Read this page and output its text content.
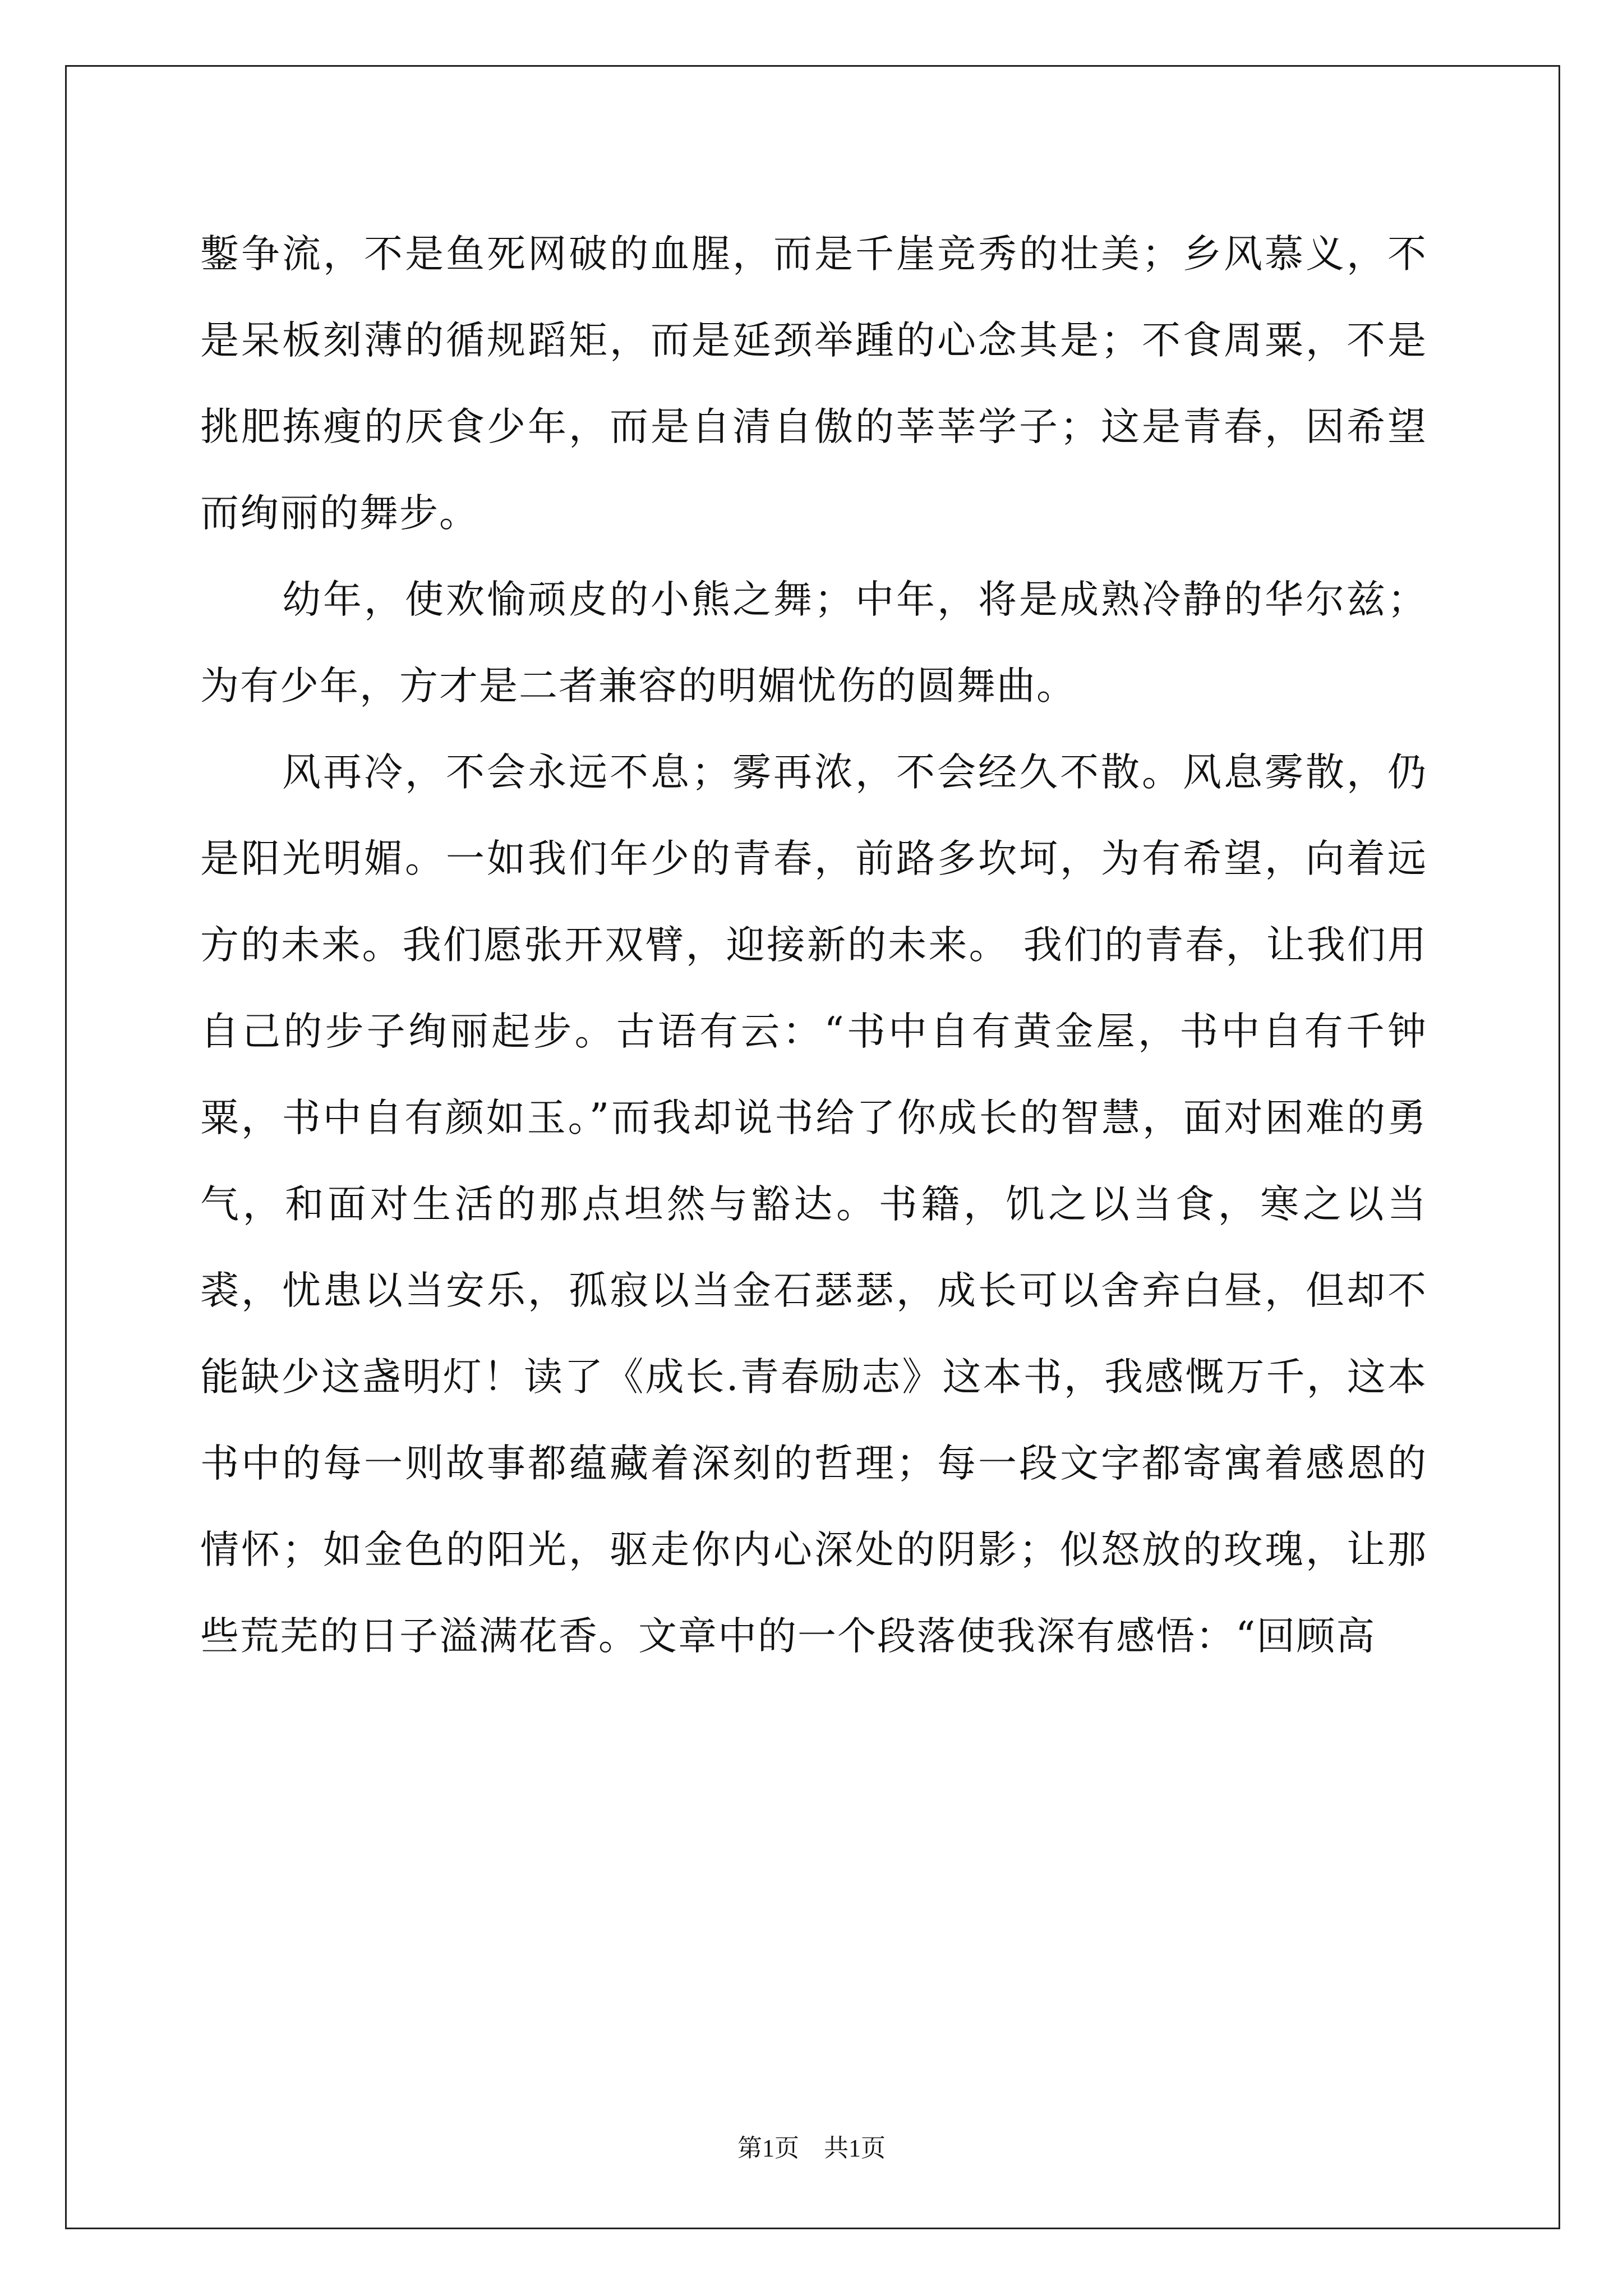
鏨争流，不是鱼死网破的血腥，而是千崖竞秀的壮美；乡风慕义，不是呆板刻薄的循规蹈矩，而是延颈举踵的心念其是；不食周粟，不是挑肥拣瘦的厌食少年，而是自清自傲的莘莘学子；这是青春，因希望而绚丽的舞步。

幼年，使欢愉顽皮的小熊之舞；中年，将是成熟冷静的华尔兹；为有少年，方才是二者兼容的明媚忧伤的圆舞曲。

风再冷，不会永远不息；雾再浓，不会经久不散。风息雾散，仍是阳光明媚。一如我们年少的青春，前路多坎坷，为有希望，向着远方的未来。我们愿张开双臂，迎接新的未来。 我们的青春，让我们用自己的步子绚丽起步。古语有云：“书中自有黄金屋，书中自有千钟粟，书中自有颜如玉。”而我却说书给了你成长的智慧，面对困难的勇气，和面对生活的那点坦然与豁达。书籍，饥之以当食，寒之以当裘，忧患以当安乐，孤寂以当金石瑟瑟，成长可以舍弃白昼，但却不能缺少这盏明灯！读了《成长.青春励志》这本书，我感慨万千，这本书中的每一则故事都蕴藏着深刻的哲理；每一段文字都寄寓着感恩的情怀；如金色的阳光，驱走你内心深处的阴影；似怒放的玫瑰，让那些荒芜的日子溢满花香。文章中的一个段落使我深有感悟：“回顾高

第1页　共1页
